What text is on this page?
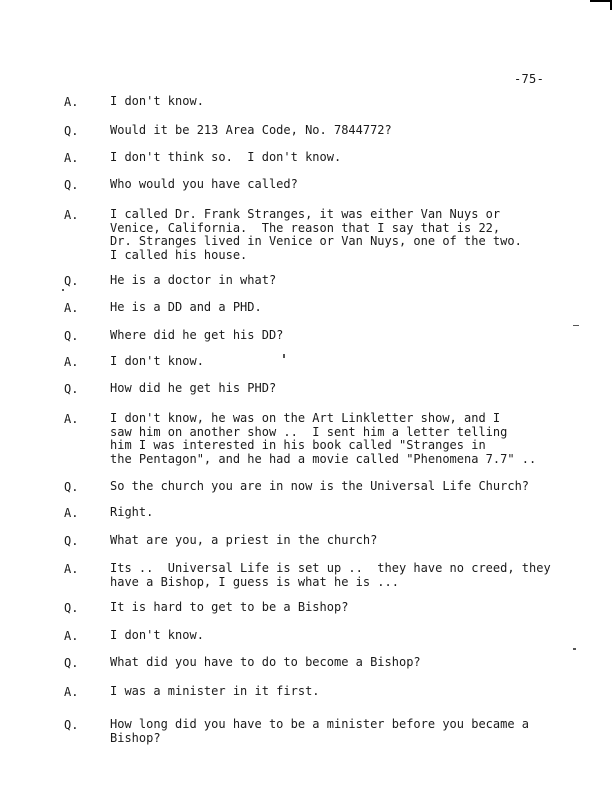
-75-
A.	I don't know.
Q.	Would it be 213 Area Code, No. 7844772?
A.	I don't think so.  I don't know.
Q.	Who would you have called?
A.	I called Dr. Frank Stranges, it was either Van Nuys or
Venice, California.  The reason that I say that is 22,
Dr. Stranges lived in Venice or Van Nuys, one of the two.
I called his house.
Q.	He is a doctor in what?
A.	He is a DD and a PHD.
Q.	Where did he get his DD?
A.	I don't know.
Q.	How did he get his PHD?
A.	I don't know, he was on the Art Linkletter show, and I
saw him on another show ..  I sent him a letter telling
him I was interested in his book called "Stranges in
the Pentagon", and he had a movie called "Phenomena 7.7" ..
Q.	So the church you are in now is the Universal Life Church?
A.	Right.
Q.	What are you, a priest in the church?
A.	Its ..  Universal Life is set up ..  they have no creed, they
have a Bishop, I guess is what he is ...
Q.	It is hard to get to be a Bishop?
A.	I don't know.
Q.	What did you have to do to become a Bishop?
A.	I was a minister in it first.
Q.	How long did you have to be a minister before you became a
Bishop?
